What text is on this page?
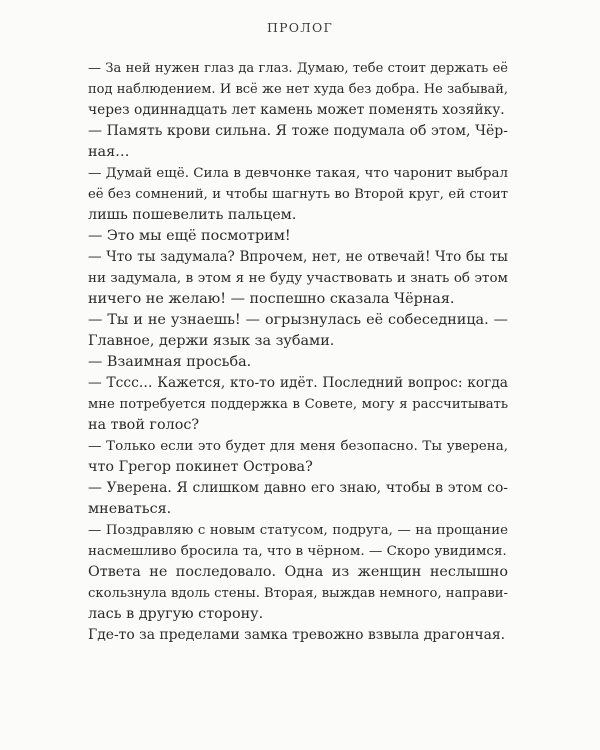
ПРОЛОГ
— За ней нужен глаз да глаз. Думаю, тебе стоит держать её
под наблюдением. И всё же нет худа без добра. Не забывай,
через одиннадцать лет камень может поменять хозяйку.
— Память крови сильна. Я тоже подумала об этом, Чёр-
ная…
— Думай ещё. Сила в девчонке такая, что чаронит выбрал
её без сомнений, и чтобы шагнуть во Второй круг, ей стоит
лишь пошевелить пальцем.
— Это мы ещё посмотрим!
— Что ты задумала? Впрочем, нет, не отвечай! Что бы ты
ни задумала, в этом я не буду участвовать и знать об этом
ничего не желаю! — поспешно сказала Чёрная.
— Ты и не узнаешь! — огрызнулась её собеседница. —
Главное, держи язык за зубами.
— Взаимная просьба.
— Тссс… Кажется, кто-то идёт. Последний вопрос: когда
мне потребуется поддержка в Совете, могу я рассчитывать
на твой голос?
— Только если это будет для меня безопасно. Ты уверена,
что Грегор покинет Острова?
— Уверена. Я слишком давно его знаю, чтобы в этом со-
мневаться.
— Поздравляю с новым статусом, подруга, — на прощание
насмешливо бросила та, что в чёрном. — Скоро увидимся.
Ответа не последовало. Одна из женщин неслышно
скользнула вдоль стены. Вторая, выждав немного, направи-
лась в другую сторону.
Где-то за пределами замка тревожно взвыла драгончая.
